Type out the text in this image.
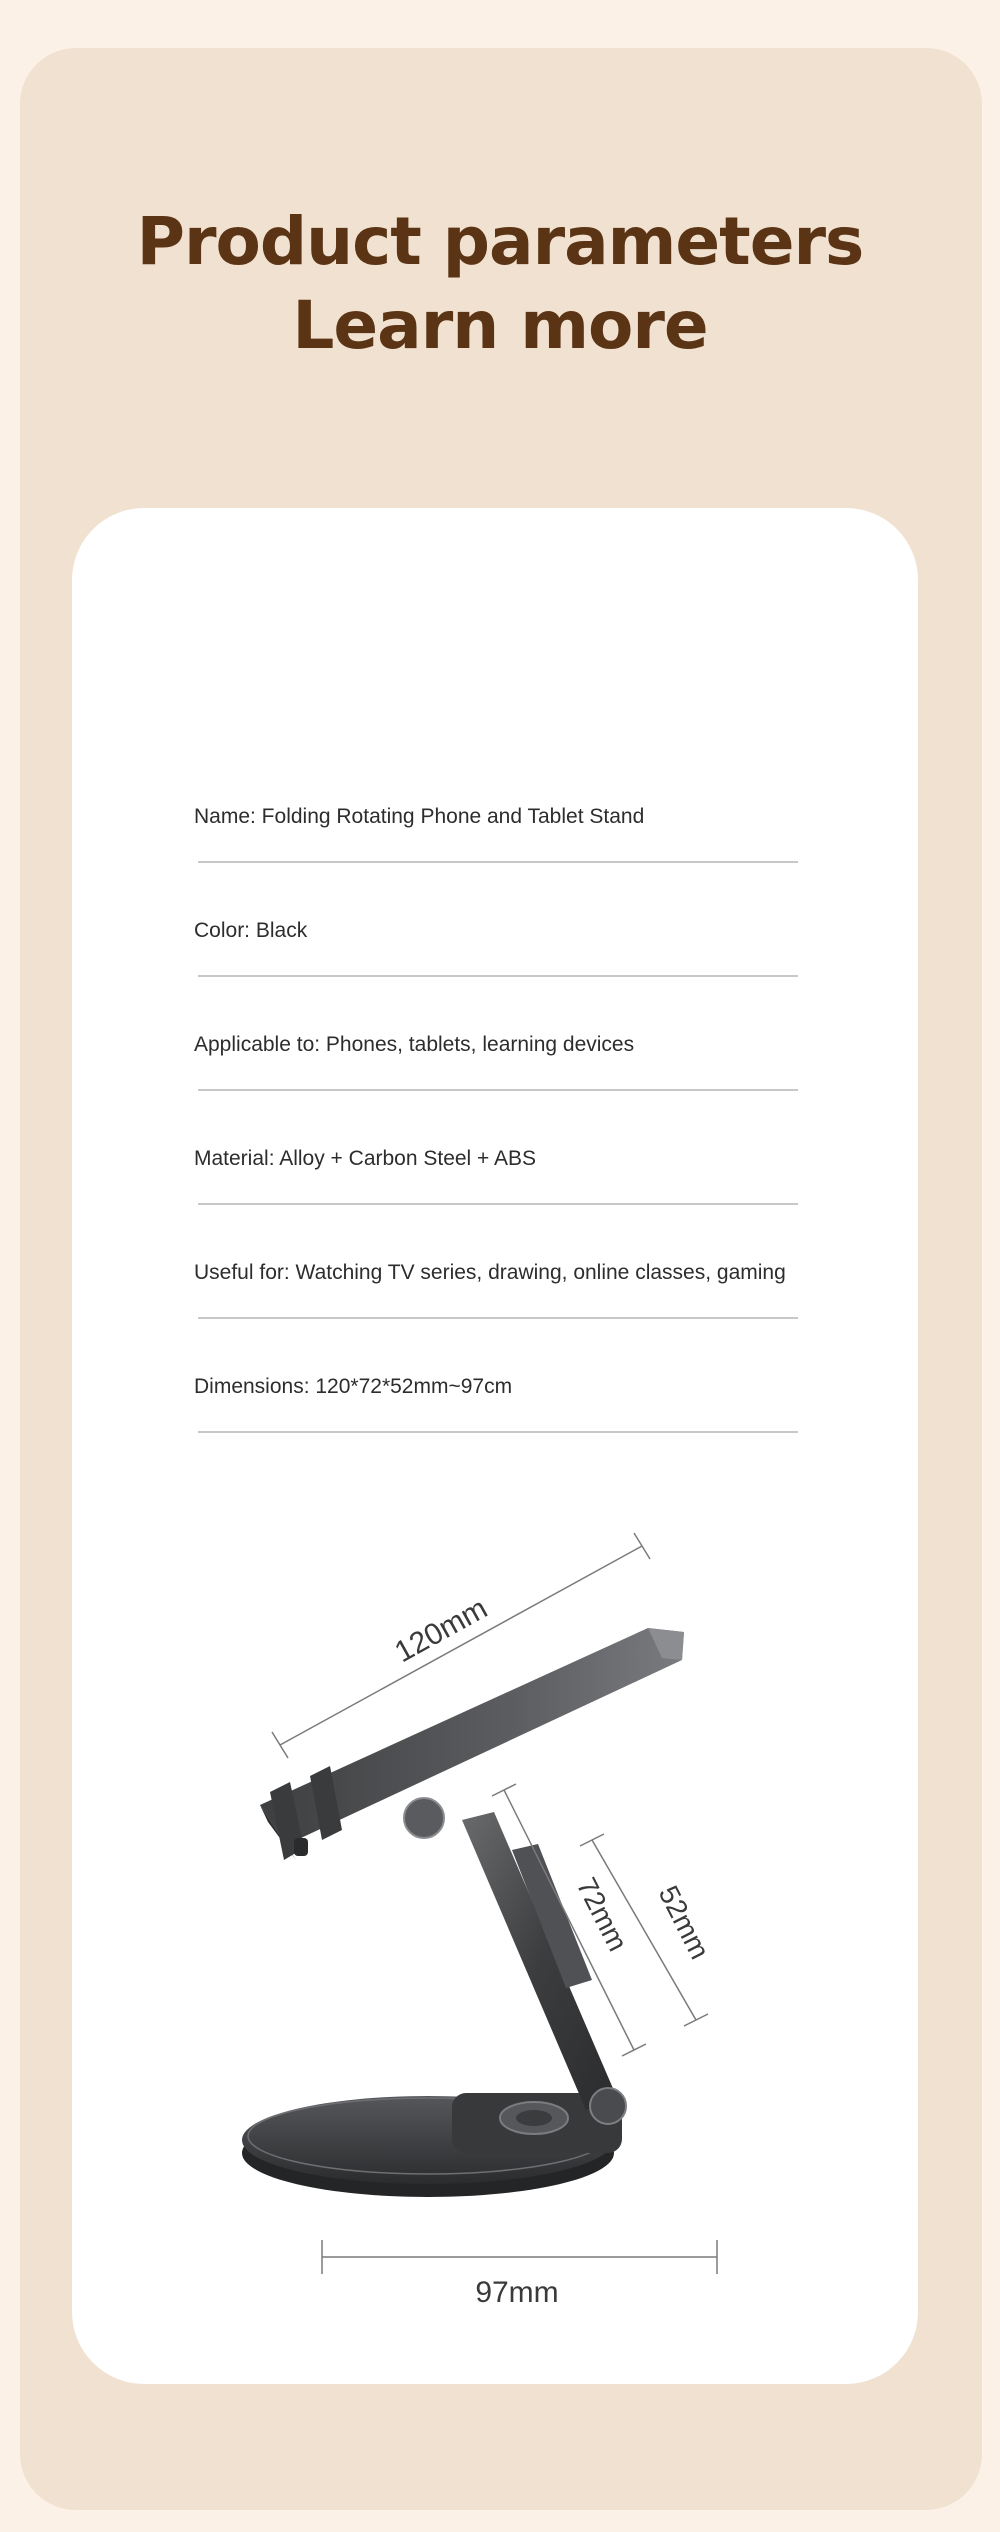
Product parameters
Learn more
Name: Folding Rotating Phone and Tablet Stand
Color: Black
Applicable to: Phones, tablets, learning devices
Material: Alloy + Carbon Steel + ABS
Useful for: Watching TV series, drawing, online classes, gaming
Dimensions: 120*72*52mm~97cm
120mm
72mm 52mm
97mm
